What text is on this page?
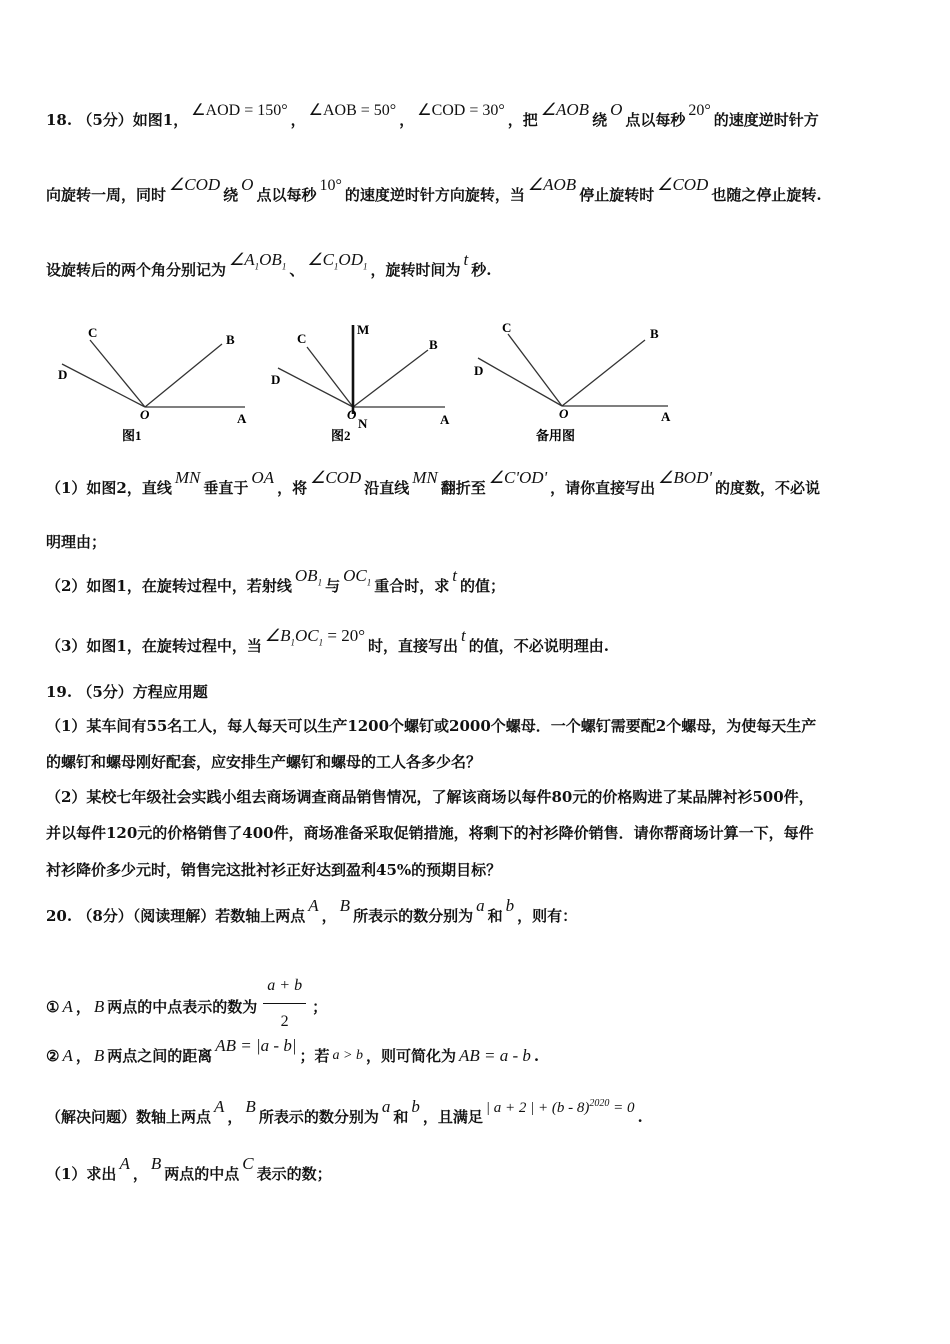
18. （5分）如图1，∠AOD = 150°，∠AOB = 50°，∠COD = 30°，把∠AOB绕O点以每秒20°的速度逆时针方
向旋转一周，同时∠COD绕O点以每秒10°的速度逆时针方向旋转，当∠AOB停止旋转时∠COD也随之停止旋转.
设旋转后的两个角分别记为$\angle A_1OB_1$ 、$\angle C_1OD_1$ ，旋转时间为t秒.
C	B
D
O	A
图1
M
C	B
D
O
N	A
图2
C	B
D
O	A
备用图
（1）如图2，直线MN垂直于OA，将∠COD沿直线MN翻折至∠C'OD'，请你直接写出∠BOD'的度数，不必说
明理由；
（2）如图1，在旋转过程中，若射线$OB_1$ 与$OC_1$ 重合时，求t的值；
（3）如图1，在旋转过程中，当$\angle B_1OC_1 = 20^\circ$时，直接写出t的值，不必说明理由.
19. （5分）方程应用题
（1）某车间有55名工人，每人每天可以生产1200个螺钉或2000个螺母．一个螺钉需要配2个螺母，为使每天生产
的螺钉和螺母刚好配套，应安排生产螺钉和螺母的工人各多少名？
（2）某校七年级社会实践小组去商场调查商品销售情况，了解该商场以每件80元的价格购进了某品牌衬衫500件，
并以每件120元的价格销售了400件，商场准备采取促销措施，将剩下的衬衫降价销售．请你帮商场计算一下，每件
衬衫降价多少元时，销售完这批衬衫正好达到盈利45%的预期目标？
20. （8分）（阅读理解）若数轴上两点A，B所表示的数分别为a和b，则有：
① A ， B 两点的中点表示的数为 $\frac{a + b}{2}$ ；
② A ， B 两点之间的距离AB = |a - b|；若 a > b ，则可简化为 AB = a - b .
（解决问题）数轴上两点A，B所表示的数分别为a和b，且满足 | a + 2 | + (b - 8)$^{2020}$ = 0 .
（1）求出A，B两点的中点C表示的数；
